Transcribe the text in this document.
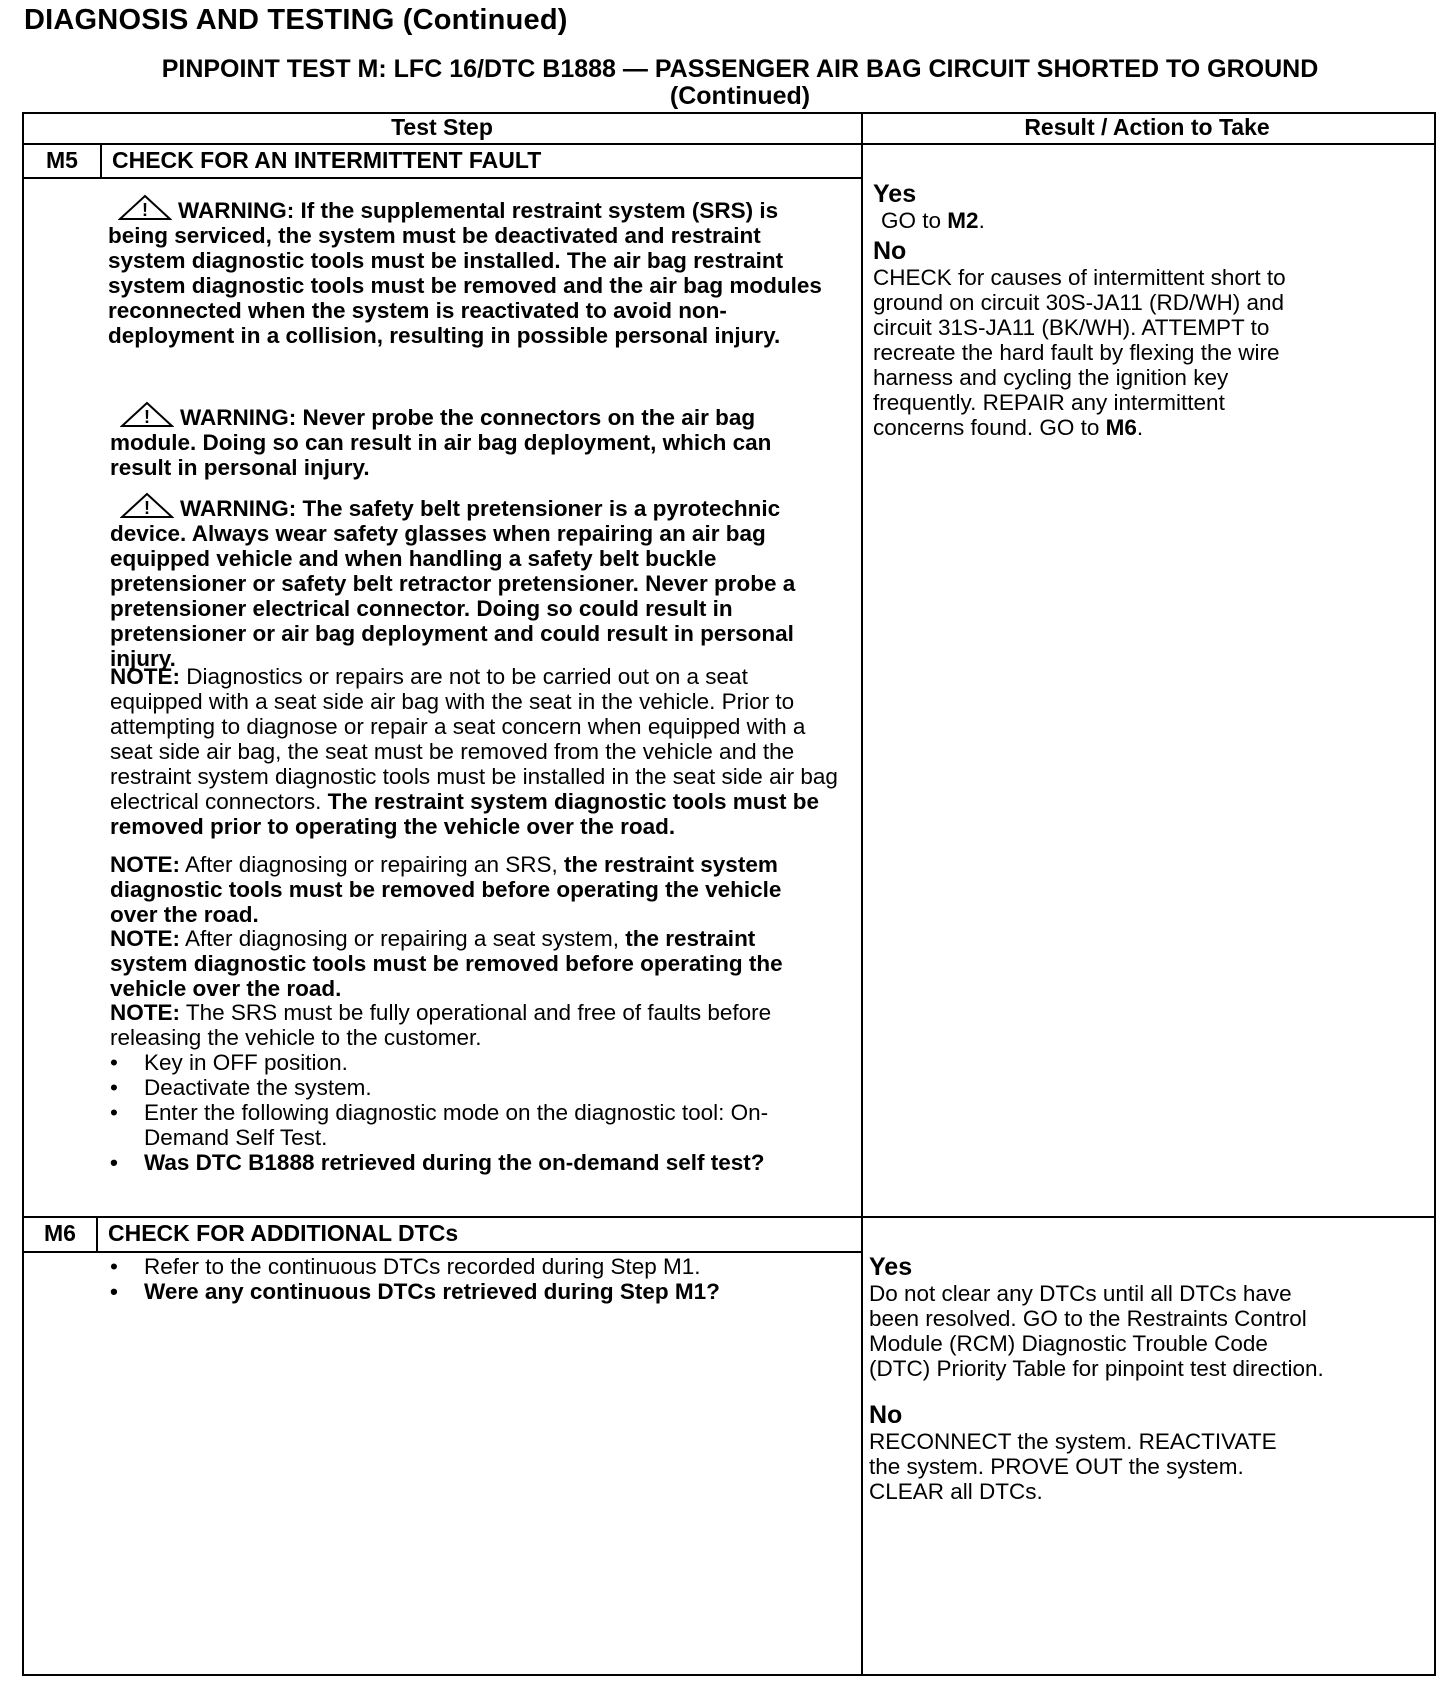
DIAGNOSIS AND TESTING (Continued)
PINPOINT TEST M: LFC 16/DTC B1888 — PASSENGER AIR BAG CIRCUIT SHORTED TO GROUND
(Continued)
Test Step	Result / Action to Take
M5	CHECK FOR AN INTERMITTENT FAULT
! WARNING: If the supplemental restraint system (SRS) is being serviced, the system must be deactivated and restraint system diagnostic tools must be installed. The air bag restraint system diagnostic tools must be removed and the air bag modules reconnected when the system is reactivated to avoid non-deployment in a collision, resulting in possible personal injury.
! WARNING: Never probe the connectors on the air bag module. Doing so can result in air bag deployment, which can result in personal injury.
! WARNING: The safety belt pretensioner is a pyrotechnic device. Always wear safety glasses when repairing an air bag equipped vehicle and when handling a safety belt buckle pretensioner or safety belt retractor pretensioner. Never probe a pretensioner electrical connector. Doing so could result in pretensioner or air bag deployment and could result in personal injury.
NOTE: Diagnostics or repairs are not to be carried out on a seat equipped with a seat side air bag with the seat in the vehicle. Prior to attempting to diagnose or repair a seat concern when equipped with a seat side air bag, the seat must be removed from the vehicle and the restraint system diagnostic tools must be installed in the seat side air bag electrical connectors. The restraint system diagnostic tools must be removed prior to operating the vehicle over the road.
NOTE: After diagnosing or repairing an SRS, the restraint system diagnostic tools must be removed before operating the vehicle over the road.
NOTE: After diagnosing or repairing a seat system, the restraint system diagnostic tools must be removed before operating the vehicle over the road.
NOTE: The SRS must be fully operational and free of faults before releasing the vehicle to the customer.
• Key in OFF position.
• Deactivate the system.
• Enter the following diagnostic mode on the diagnostic tool: On-Demand Self Test.
• Was DTC B1888 retrieved during the on-demand self test?
Yes
GO to M2.
No
CHECK for causes of intermittent short to ground on circuit 30S-JA11 (RD/WH) and circuit 31S-JA11 (BK/WH). ATTEMPT to recreate the hard fault by flexing the wire harness and cycling the ignition key frequently. REPAIR any intermittent concerns found. GO to M6.
M6	CHECK FOR ADDITIONAL DTCs
• Refer to the continuous DTCs recorded during Step M1.
• Were any continuous DTCs retrieved during Step M1?
Yes
Do not clear any DTCs until all DTCs have been resolved. GO to the Restraints Control Module (RCM) Diagnostic Trouble Code (DTC) Priority Table for pinpoint test direction.
No
RECONNECT the system. REACTIVATE the system. PROVE OUT the system. CLEAR all DTCs.
